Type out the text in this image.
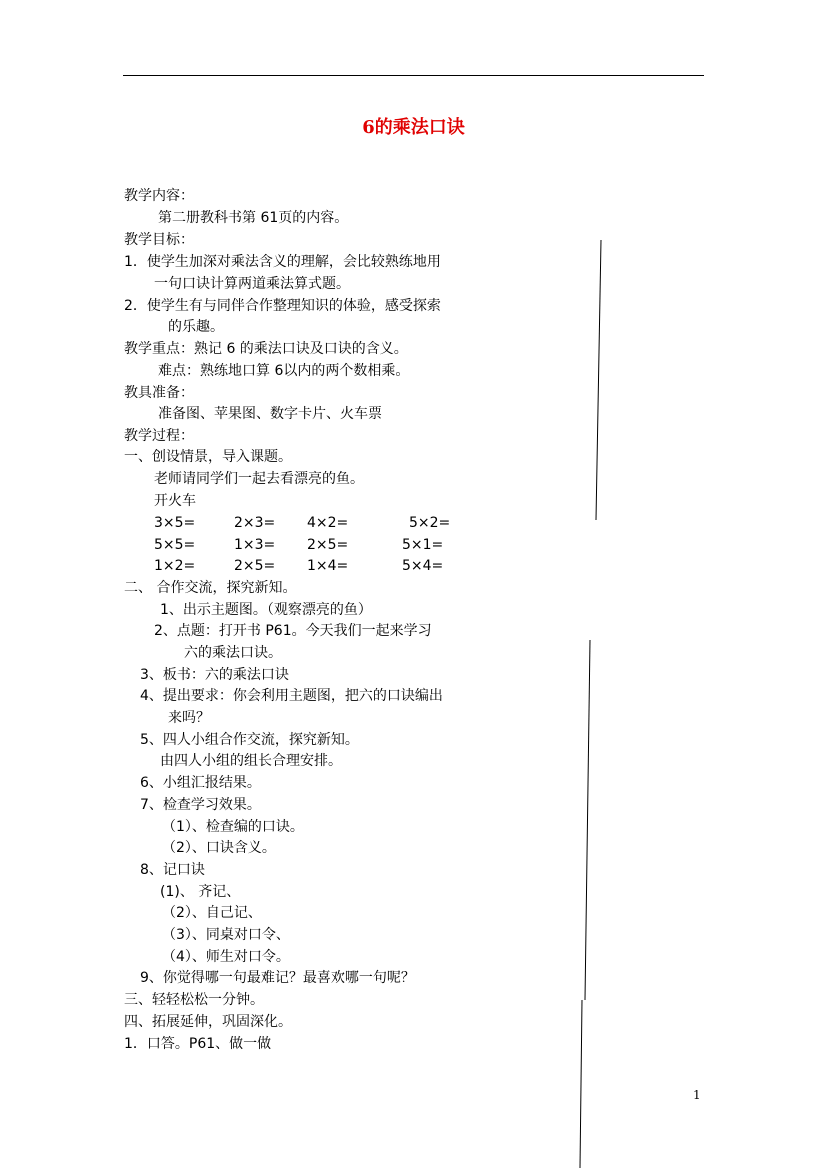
6的乘法口诀
教学内容：
第二册教科书第 61页的内容。
教学目标：
1．使学生加深对乘法含义的理解，会比较熟练地用
一句口诀计算两道乘法算式题。
2．使学生有与同伴合作整理知识的体验，感受探索
的乐趣。
教学重点：熟记 6 的乘法口诀及口诀的含义。
难点：熟练地口算 6以内的两个数相乘。
教具准备：
准备图、苹果图、数字卡片、火车票
教学过程：
一、创设情景，导入课题。
老师请同学们一起去看漂亮的鱼。
开火车
3×5=	2×3= 4×2=	5×2=
5×5=	1×3= 2×5=	5×1=
1×2=	2×5= 1×4=	5×4=
二、 合作交流，探究新知。
1、出示主题图。（观察漂亮的鱼）
2、点题：打开书 P61。今天我们一起来学习
六的乘法口诀。
3、板书：六的乘法口诀
4、提出要求：你会利用主题图，把六的口诀编出
来吗？
5、四人小组合作交流，探究新知。
由四人小组的组长合理安排。
6、小组汇报结果。
7、检查学习效果。
（1）、检查编的口诀。
（2）、口诀含义。
8、记口诀
(1)、 齐记、
（2）、自己记、
（3）、同桌对口令、
（4）、师生对口令。
9、你觉得哪一句最难记？最喜欢哪一句呢？
三、轻轻松松一分钟。
四、拓展延伸，巩固深化。
1．口答。P61、做一做
1
